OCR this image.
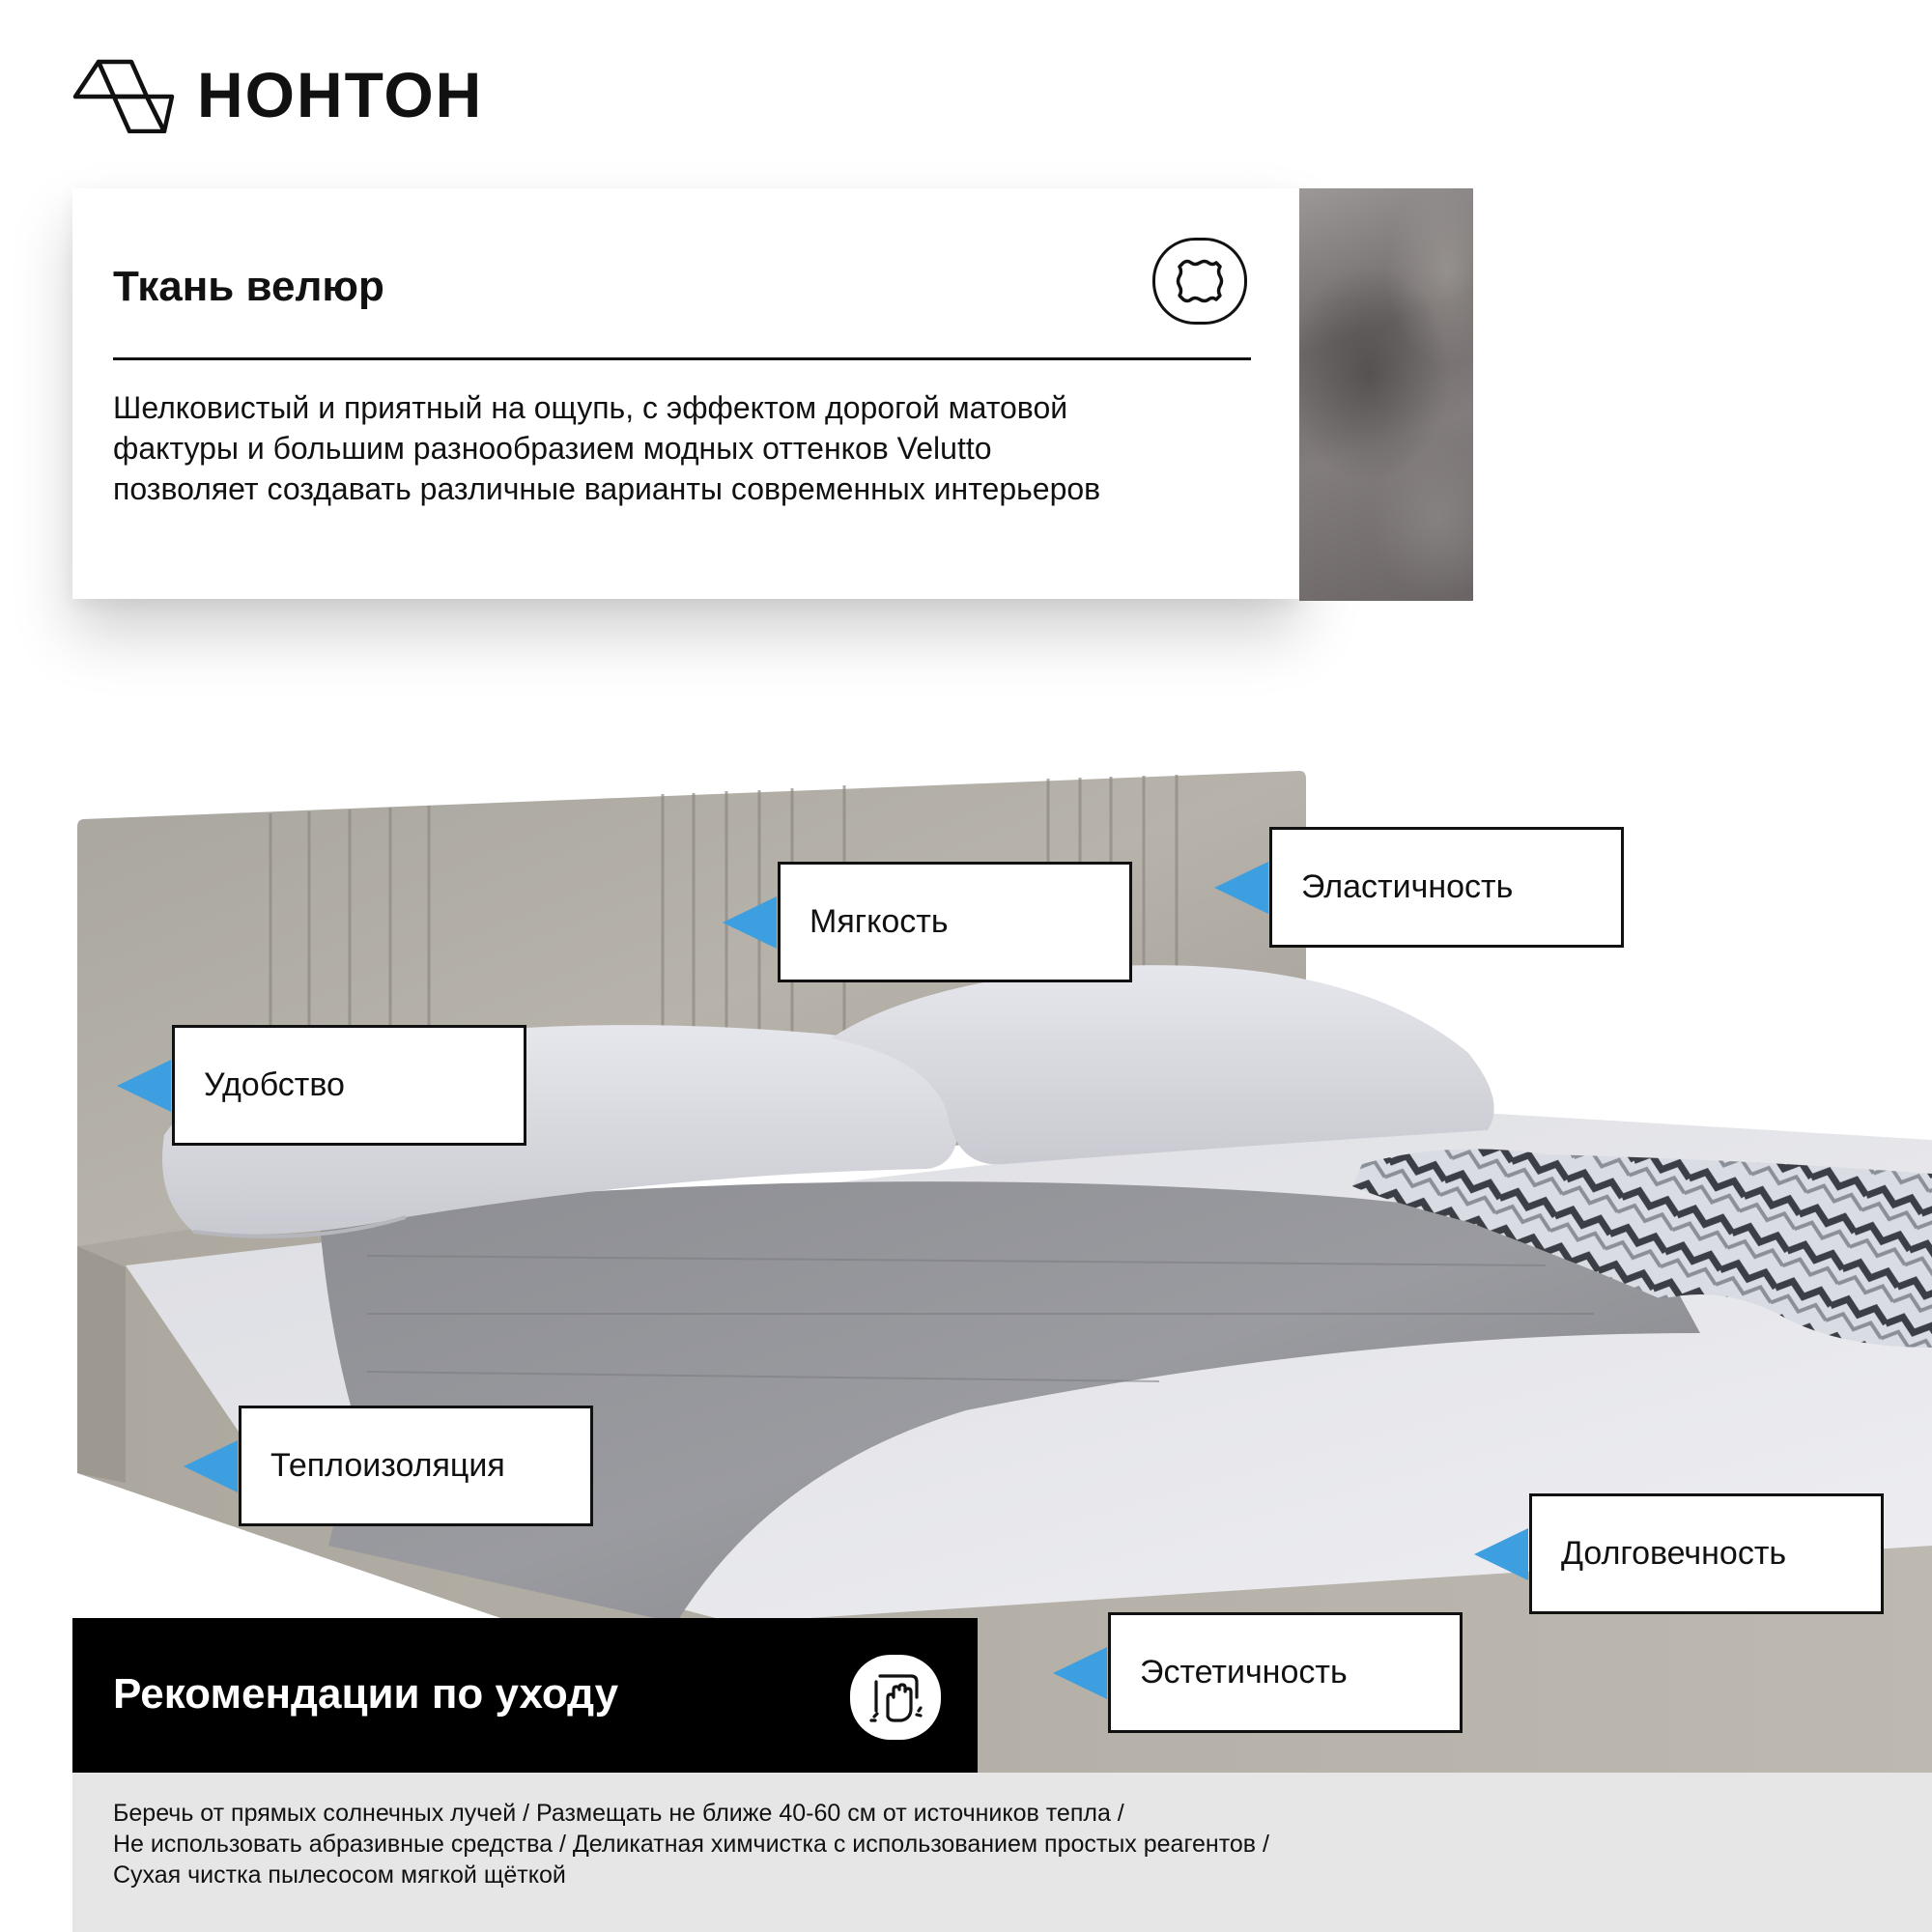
НОНТОН
Ткань велюр
Шелковистый и приятный на ощупь, с эффектом дорогой матовой
фактуры и большим разнообразием модных оттенков Velutto
позволяет создавать различные варианты современных интерьеров
Мягкость
Эластичность
Удобство
Теплоизоляция
Долговечность
Эстетичность
Рекомендации по уходу
Беречь от прямых солнечных лучей / Размещать не ближе 40-60 см от источников тепла /
Не использовать абразивные средства / Деликатная химчистка с использованием простых реагентов /
Сухая чистка пылесосом мягкой щёткой
